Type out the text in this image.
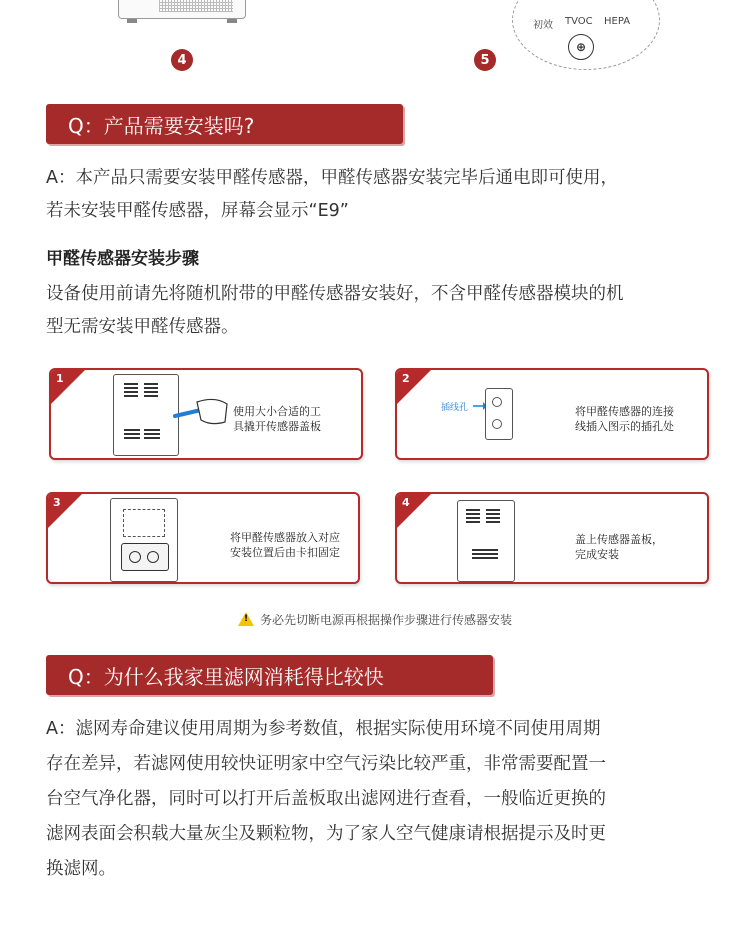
4
初效 TVOC HEPA
⊕
5
Q：产品需要安装吗?
A：本产品只需要安装甲醛传感器，甲醛传感器安装完毕后通电即可使用，
若未安装甲醛传感器，屏幕会显示“E9”
甲醛传感器安装步骤
设备使用前请先将随机附带的甲醛传感器安装好，不含甲醛传感器模块的机
型无需安装甲醛传感器。
1
使用大小合适的工
具撬开传感器盖板
2
插线孔	将甲醛传感器的连接
线插入图示的插孔处
3
将甲醛传感器放入对应
安装位置后由卡扣固定
4
盖上传感器盖板，
完成安装
!务必先切断电源再根据操作步骤进行传感器安装
Q：为什么我家里滤网消耗得比较快
A：滤网寿命建议使用周期为参考数值，根据实际使用环境不同使用周期
存在差异，若滤网使用较快证明家中空气污染比较严重，非常需要配置一
台空气净化器，同时可以打开后盖板取出滤网进行查看，一般临近更换的
滤网表面会积载大量灰尘及颗粒物，为了家人空气健康请根据提示及时更
换滤网。
